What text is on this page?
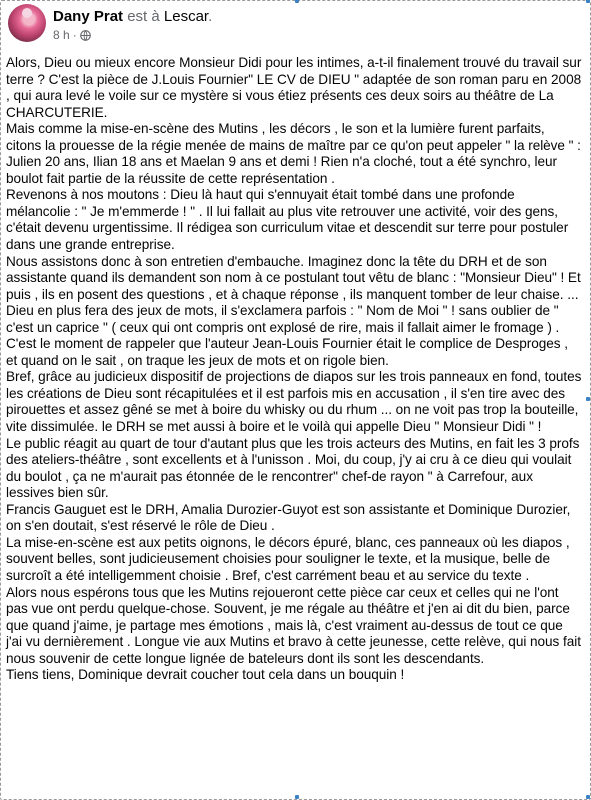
Dany Prat est à Lescar.
8 h ·

Alors, Dieu ou mieux encore Monsieur Didi pour les intimes, a-t-il finalement trouvé du travail sur terre ? C'est la pièce de J.Louis Fournier" LE CV de DIEU " adaptée de son roman paru en 2008 , qui aura levé le voile sur ce mystère si vous étiez présents ces deux soirs au théâtre de La CHARCUTERIE.

Mais comme la mise-en-scène des Mutins , les décors , le son et la lumière furent parfaits, citons la prouesse de la régie menée de mains de maître par ce qu'on peut appeler " la relève " :

Julien 20 ans, Ilian 18 ans et Maelan 9 ans et demi ! Rien n'a cloché, tout a été synchro, leur boulot fait partie de la réussite de cette représentation .

Revenons à nos moutons : Dieu là haut qui s'ennuyait était tombé dans une profonde mélancolie : " Je m'emmerde ! " . Il lui fallait au plus vite retrouver une activité, voir des gens, c'était devenu urgentissime. Il rédigea son curriculum vitae et descendit sur terre pour postuler dans une grande entreprise.

Nous assistons donc à son entretien d'embauche. Imaginez donc la tête du DRH et de son assistante quand ils demandent son nom à ce postulant tout vêtu de blanc : "Monsieur Dieu" ! Et puis , ils en posent des questions , et à chaque réponse , ils manquent tomber de leur chaise. ... Dieu en plus fera des jeux de mots, il s'exclamera parfois : " Nom de Moi " ! sans oublier de " c'est un caprice " ( ceux qui ont compris ont explosé de rire, mais il fallait aimer le fromage ) . C'est le moment de rappeler que l'auteur Jean-Louis Fournier était le complice de Desproges , et quand on le sait , on traque les jeux de mots et on rigole bien.

Bref, grâce au judicieux dispositif de projections de diapos sur les trois panneaux en fond, toutes les créations de Dieu sont récapitulées et il est parfois mis en accusation , il s'en tire avec des pirouettes et assez gêné se met à boire du whisky ou du rhum ... on ne voit pas trop la bouteille, vite dissimulée. le DRH se met aussi à boire et le voilà qui appelle Dieu " Monsieur Didi " !

Le public réagit au quart de tour d'autant plus que les trois acteurs des Mutins, en fait les 3 profs des ateliers-théâtre , sont excellents et à l'unisson . Moi, du coup, j'y ai cru à ce dieu qui voulait du boulot , ça ne m'aurait pas étonnée de le rencontrer" chef-de rayon " à Carrefour, aux lessives bien sûr.

Francis Gauguet est le DRH, Amalia Durozier-Guyot est son assistante et Dominique Durozier, on s'en doutait, s'est réservé le rôle de Dieu .

La mise-en-scène est aux petits oignons, le décors épuré, blanc, ces panneaux où les diapos , souvent belles, sont judicieusement choisies pour souligner le texte, et la musique, belle de surcroît a été intelligemment choisie . Bref, c'est carrément beau et au service du texte .

Alors nous espérons tous que les Mutins rejoueront cette pièce car ceux et celles qui ne l'ont pas vue ont perdu quelque-chose. Souvent, je me régale au théâtre et j'en ai dit du bien, parce que quand j'aime, je partage mes émotions , mais là, c'est vraiment au-dessus de tout ce que j'ai vu dernièrement . Longue vie aux Mutins et bravo à cette jeunesse, cette relève, qui nous fait nous souvenir de cette longue lignée de bateleurs dont ils sont les descendants.

Tiens tiens, Dominique devrait coucher tout cela dans un bouquin !
